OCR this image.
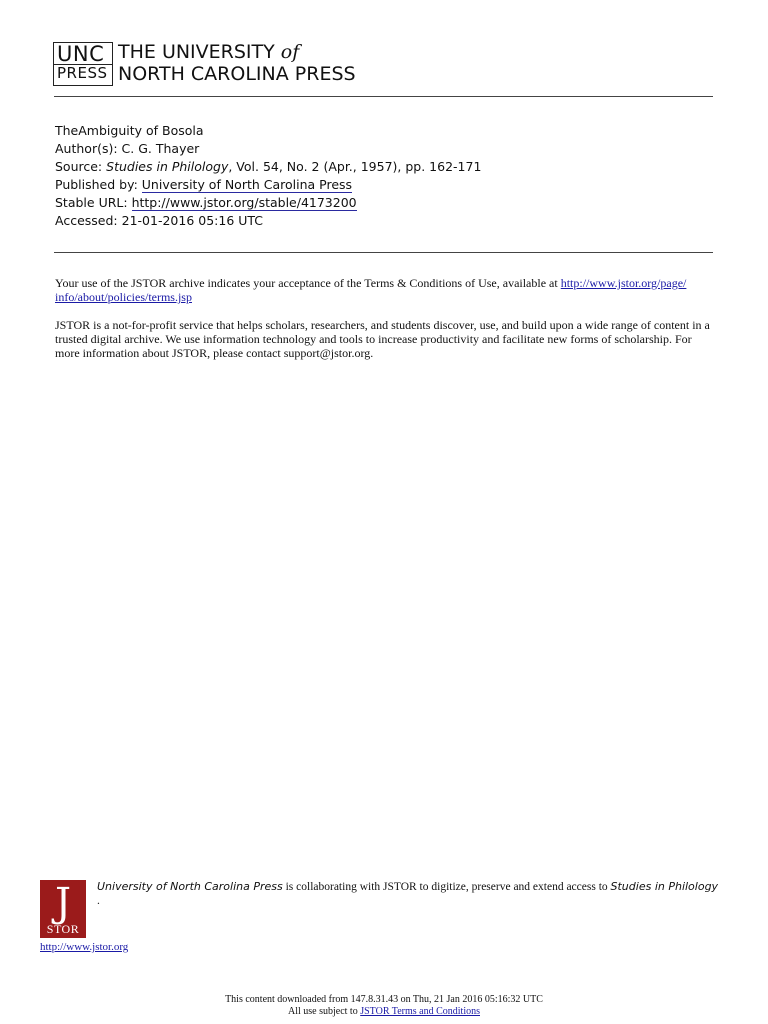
UNC
PRESS
THE UNIVERSITY of
NORTH CAROLINA PRESS
TheAmbiguity of Bosola
Author(s): C. G. Thayer
Source: Studies in Philology, Vol. 54, No. 2 (Apr., 1957), pp. 162-171
Published by: University of North Carolina Press
Stable URL: http://www.jstor.org/stable/4173200
Accessed: 21-01-2016 05:16 UTC
Your use of the JSTOR archive indicates your acceptance of the Terms & Conditions of Use, available at http://www.jstor.org/page/
info/about/policies/terms.jsp
JSTOR is a not-for-profit service that helps scholars, researchers, and students discover, use, and build upon a wide range of content in a trusted digital archive. We use information technology and tools to increase productivity and facilitate new forms of scholarship. For more information about JSTOR, please contact support@jstor.org.
J
STOR
University of North Carolina Press is collaborating with JSTOR to digitize, preserve and extend access to Studies in Philology
.
http://www.jstor.org
This content downloaded from 147.8.31.43 on Thu, 21 Jan 2016 05:16:32 UTC
All use subject to JSTOR Terms and Conditions
